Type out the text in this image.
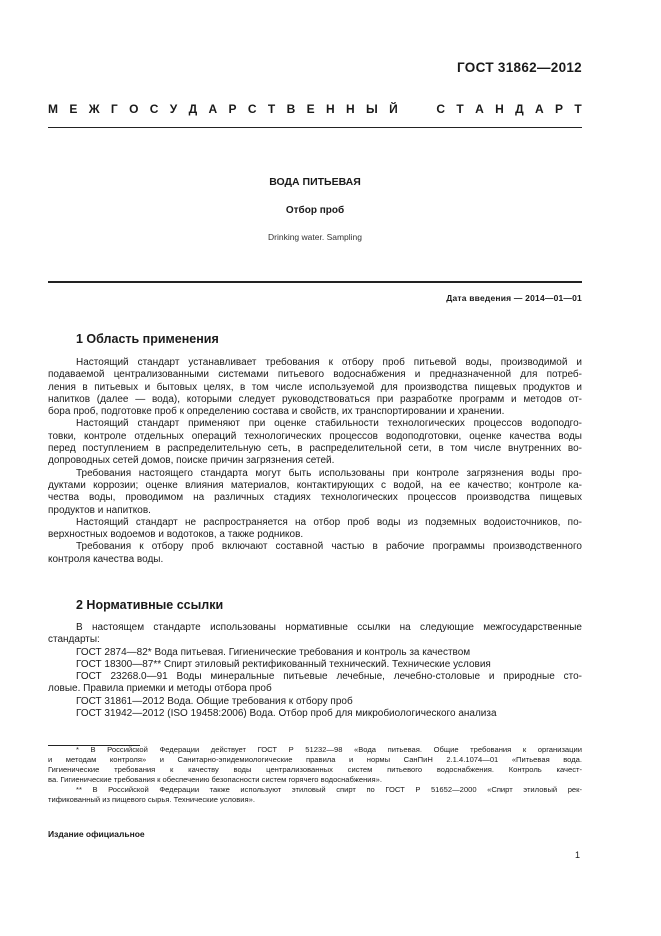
ГОСТ 31862—2012
М Е Ж Г О С У Д А Р С Т В Е Н Н Ы Й	С Т А Н Д А Р Т
ВОДА ПИТЬЕВАЯ
Отбор проб
Drinking water. Sampling
Дата введения — 2014—01—01
1 Область применения
Настоящий стандарт устанавливает требования к отбору проб питьевой воды, производимой и
подаваемой централизованными системами питьевого водоснабжения и предназначенной для потреб-
ления в питьевых и бытовых целях, в том числе используемой для производства пищевых продуктов и
напитков (далее — вода), которыми следует руководствоваться при разработке программ и методов от-
бора проб, подготовке проб к определению состава и свойств, их транспортировании и хранении.
Настоящий стандарт применяют при оценке стабильности технологических процессов водоподго-
товки, контроле отдельных операций технологических процессов водоподготовки, оценке качества воды
перед поступлением в распределительную сеть, в распределительной сети, в том числе внутренних во-
допроводных сетей домов, поиске причин загрязнения сетей.
Требования настоящего стандарта могут быть использованы при контроле загрязнения воды про-
дуктами коррозии; оценке влияния материалов, контактирующих с водой, на ее качество; контроле ка-
чества воды, проводимом на различных стадиях технологических процессов производства пищевых
продуктов и напитков.
Настоящий стандарт не распространяется на отбор проб воды из подземных водоисточников, по-
верхностных водоемов и водотоков, а также родников.
Требования к отбору проб включают составной частью в рабочие программы производственного
контроля качества воды.
2 Нормативные ссылки
В настоящем стандарте использованы нормативные ссылки на следующие межгосударственные
стандарты:
ГОСТ 2874—82* Вода питьевая. Гигиенические требования и контроль за качеством
ГОСТ 18300—87** Спирт этиловый ректификованный технический. Технические условия
ГОСТ 23268.0—91 Воды минеральные питьевые лечебные, лечебно-столовые и природные сто-
ловые. Правила приемки и методы отбора проб
ГОСТ 31861—2012 Вода. Общие требования к отбору проб
ГОСТ 31942—2012 (ISO 19458:2006) Вода. Отбор проб для микробиологического анализа
* В Российской Федерации действует ГОСТ Р 51232—98 «Вода питьевая. Общие требования к организации
и методам контроля» и Санитарно-эпидемиологические правила и нормы СанПиН 2.1.4.1074—01 «Питьевая вода.
Гигиенические требования к качеству воды централизованных систем питьевого водоснабжения. Контроль качест-
ва. Гигиенические требования к обеспечению безопасности систем горячего водоснабжения».
** В Российской Федерации также используют этиловый спирт по ГОСТ Р 51652—2000 «Спирт этиловый рек-
тификованный из пищевого сырья. Технические условия».
Издание официальное
1
